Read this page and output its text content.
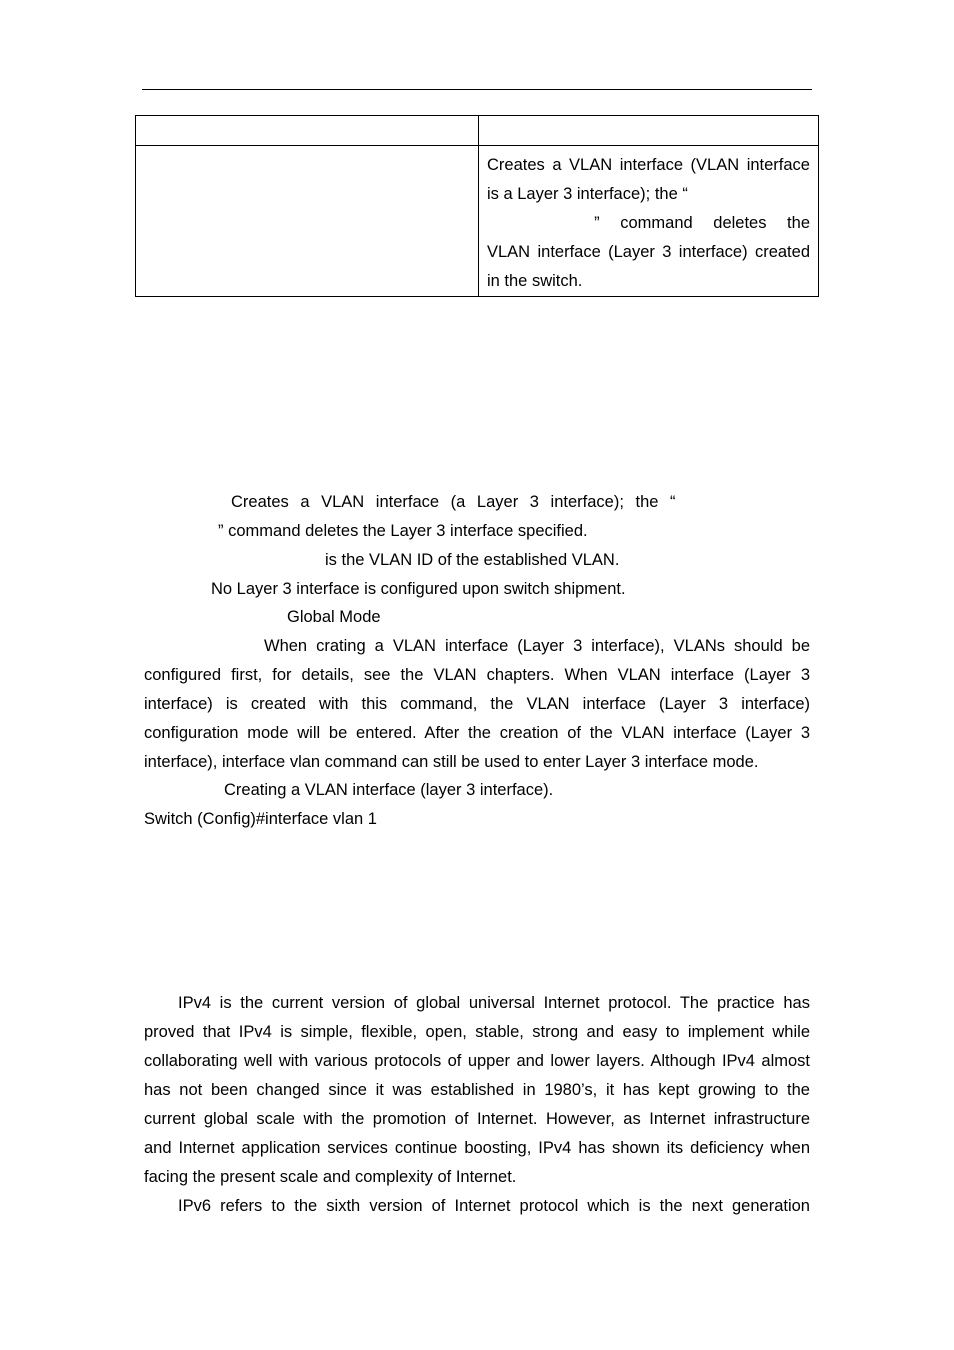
	Creates a VLAN interface (VLAN interface
is a Layer 3 interface); the “
” command deletes the
VLAN interface (Layer 3 interface) created
in the switch.
Creates a VLAN interface (a Layer 3 interface); the “
” command deletes the Layer 3 interface specified.
is the VLAN ID of the established VLAN.
No Layer 3 interface is configured upon switch shipment.
Global Mode
When crating a VLAN interface (Layer 3 interface), VLANs should be
configured first, for details, see the VLAN chapters. When VLAN interface (Layer 3
interface) is created with this command, the VLAN interface (Layer 3 interface)
configuration mode will be entered. After the creation of the VLAN interface (Layer 3
interface), interface vlan command can still be used to enter Layer 3 interface mode.
Creating a VLAN interface (layer 3 interface).
Switch (Config)#interface vlan 1
IPv4 is the current version of global universal Internet protocol. The practice has
proved that IPv4 is simple, flexible, open, stable, strong and easy to implement while
collaborating well with various protocols of upper and lower layers. Although IPv4 almost
has not been changed since it was established in 1980’s, it has kept growing to the
current global scale with the promotion of Internet. However, as Internet infrastructure
and Internet application services continue boosting, IPv4 has shown its deficiency when
facing the present scale and complexity of Internet.
IPv6 refers to the sixth version of Internet protocol which is the next generation
